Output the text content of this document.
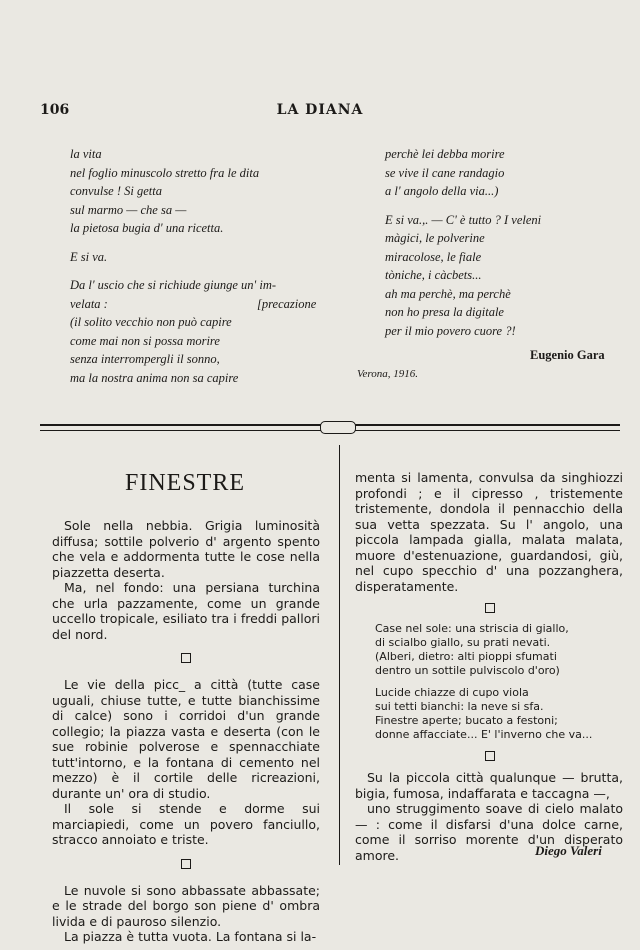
106	LA DIANA
la vita
nel foglio minuscolo stretto fra le dita
convulse ! Si getta
sul marmo — che sa —
la pietosa bugia d' una ricetta.
E si va.
Da l' uscio che si richiude giunge un' im-
velata :	[precazione
(il solito vecchio non può capire
come mai non si possa morire
senza interrompergli il sonno,
ma la nostra anima non sa capire
perchè lei debba morire
se vive il cane randagio
a l' angolo della via...)
E si va.,. — C' è tutto ? I veleni
màgici, le polverine
miracolose, le fiale
tòniche, i càcbets...
ah ma perchè, ma perchè
non ho presa la digitale
per il mio povero cuore ?!
Eugenio Gara
Verona, 1916.
FINESTRE

Sole nella nebbia. Grigia luminosità diffusa; sottile polverio d' argento spento che vela e addormenta tutte le cose nella piazzetta deserta.

Ma, nel fondo: una persiana turchina che urla pazzamente, come un grande uccello tropicale, esiliato tra i freddi pallori del nord.

Le vie della picc_ a città (tutte case uguali, chiuse tutte, e tutte bianchissime di calce) sono i corridoi d'un grande collegio; la piazza vasta e deserta (con le sue robinie polverose e spennacchiate tutt'intorno, e la fontana di cemento nel mezzo) è il cortile delle ricreazioni, durante un' ora di studio.

Il sole si stende e dorme sui marciapiedi, come un povero fanciullo, stracco annoiato e triste.

Le nuvole si sono abbassate abbassate; e le strade del borgo son piene d' ombra livida e di pauroso silenzio.

La piazza è tutta vuota. La fontana si la-

menta si lamenta, convulsa da singhiozzi profondi ; e il cipresso , tristemente tristemente, dondola il pennacchio della sua vetta spezzata. Su l' angolo, una piccola lampada gialla, malata malata, muore d'estenuazione, guardandosi, giù, nel cupo specchio d' una pozzanghera, disperatamente.

Case nel sole: una striscia di giallo,
di scialbo giallo, su prati nevati.
(Alberi, dietro: alti pioppi sfumati
dentro un sottile pulviscolo d'oro)
Lucide chiazze di cupo viola
sui tetti bianchi: la neve si sfa.
Finestre aperte; bucato a festoni;
donne affacciate... E' l'inverno che va...

Su la piccola città qualunque — brutta, bigia, fumosa, indaffarata e taccagna —,

uno struggimento soave di cielo malato — : come il disfarsi d'una dolce carne, come il sorriso morente d'un disperato amore.	Diego Valeri
